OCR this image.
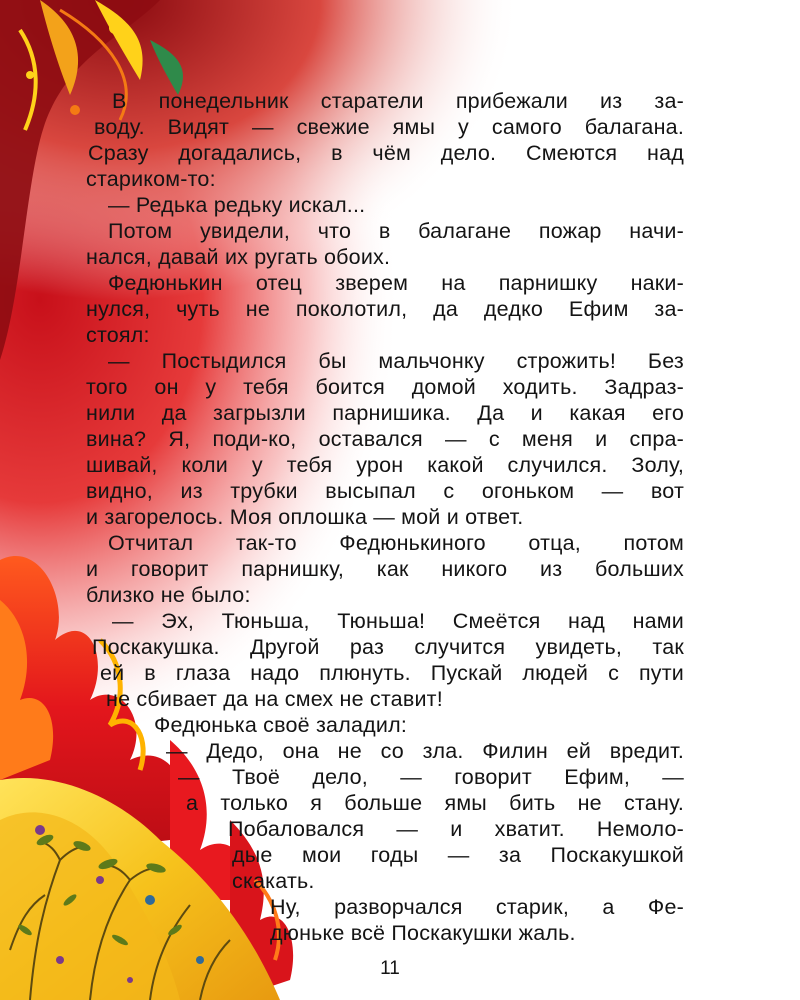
В понедельник старатели прибежали из за-
воду. Видят — свежие ямы у самого балагана.
Сразу догадались, в чём дело. Смеются над
стариком-то:
— Редька редьку искал...
Потом увидели, что в балагане пожар начи-
нался, давай их ругать обоих.
Федюнькин отец зверем на парнишку наки-
нулся, чуть не поколотил, да дедко Ефим за-
стоял:
— Постыдился бы мальчонку строжить! Без
того он у тебя боится домой ходить. Задраз-
нили да загрызли парнишика. Да и какая его
вина? Я, поди-ко, оставался — с меня и спра-
шивай, коли у тебя урон какой случился. Золу,
видно, из трубки высыпал с огоньком — вот
и загорелось. Моя оплошка — мой и ответ.
Отчитал так-то Федюнькиного отца, потом
и говорит парнишку, как никого из больших
близко не было:
— Эх, Тюньша, Тюньша! Смеётся над нами
Поскакушка. Другой раз случится увидеть, так
ей в глаза надо плюнуть. Пускай людей с пути
не сбивает да на смех не ставит!
Федюнька своё заладил:
— Дедо, она не со зла. Филин ей вредит.
— Твоё дело, — говорит Ефим, —
а только я больше ямы бить не стану.
Побаловался — и хватит. Немоло-
дые мои годы — за Поскакушкой
скакать.
Ну, разворчался старик, а Фе-
дюньке всё Поскакушки жаль.
11
